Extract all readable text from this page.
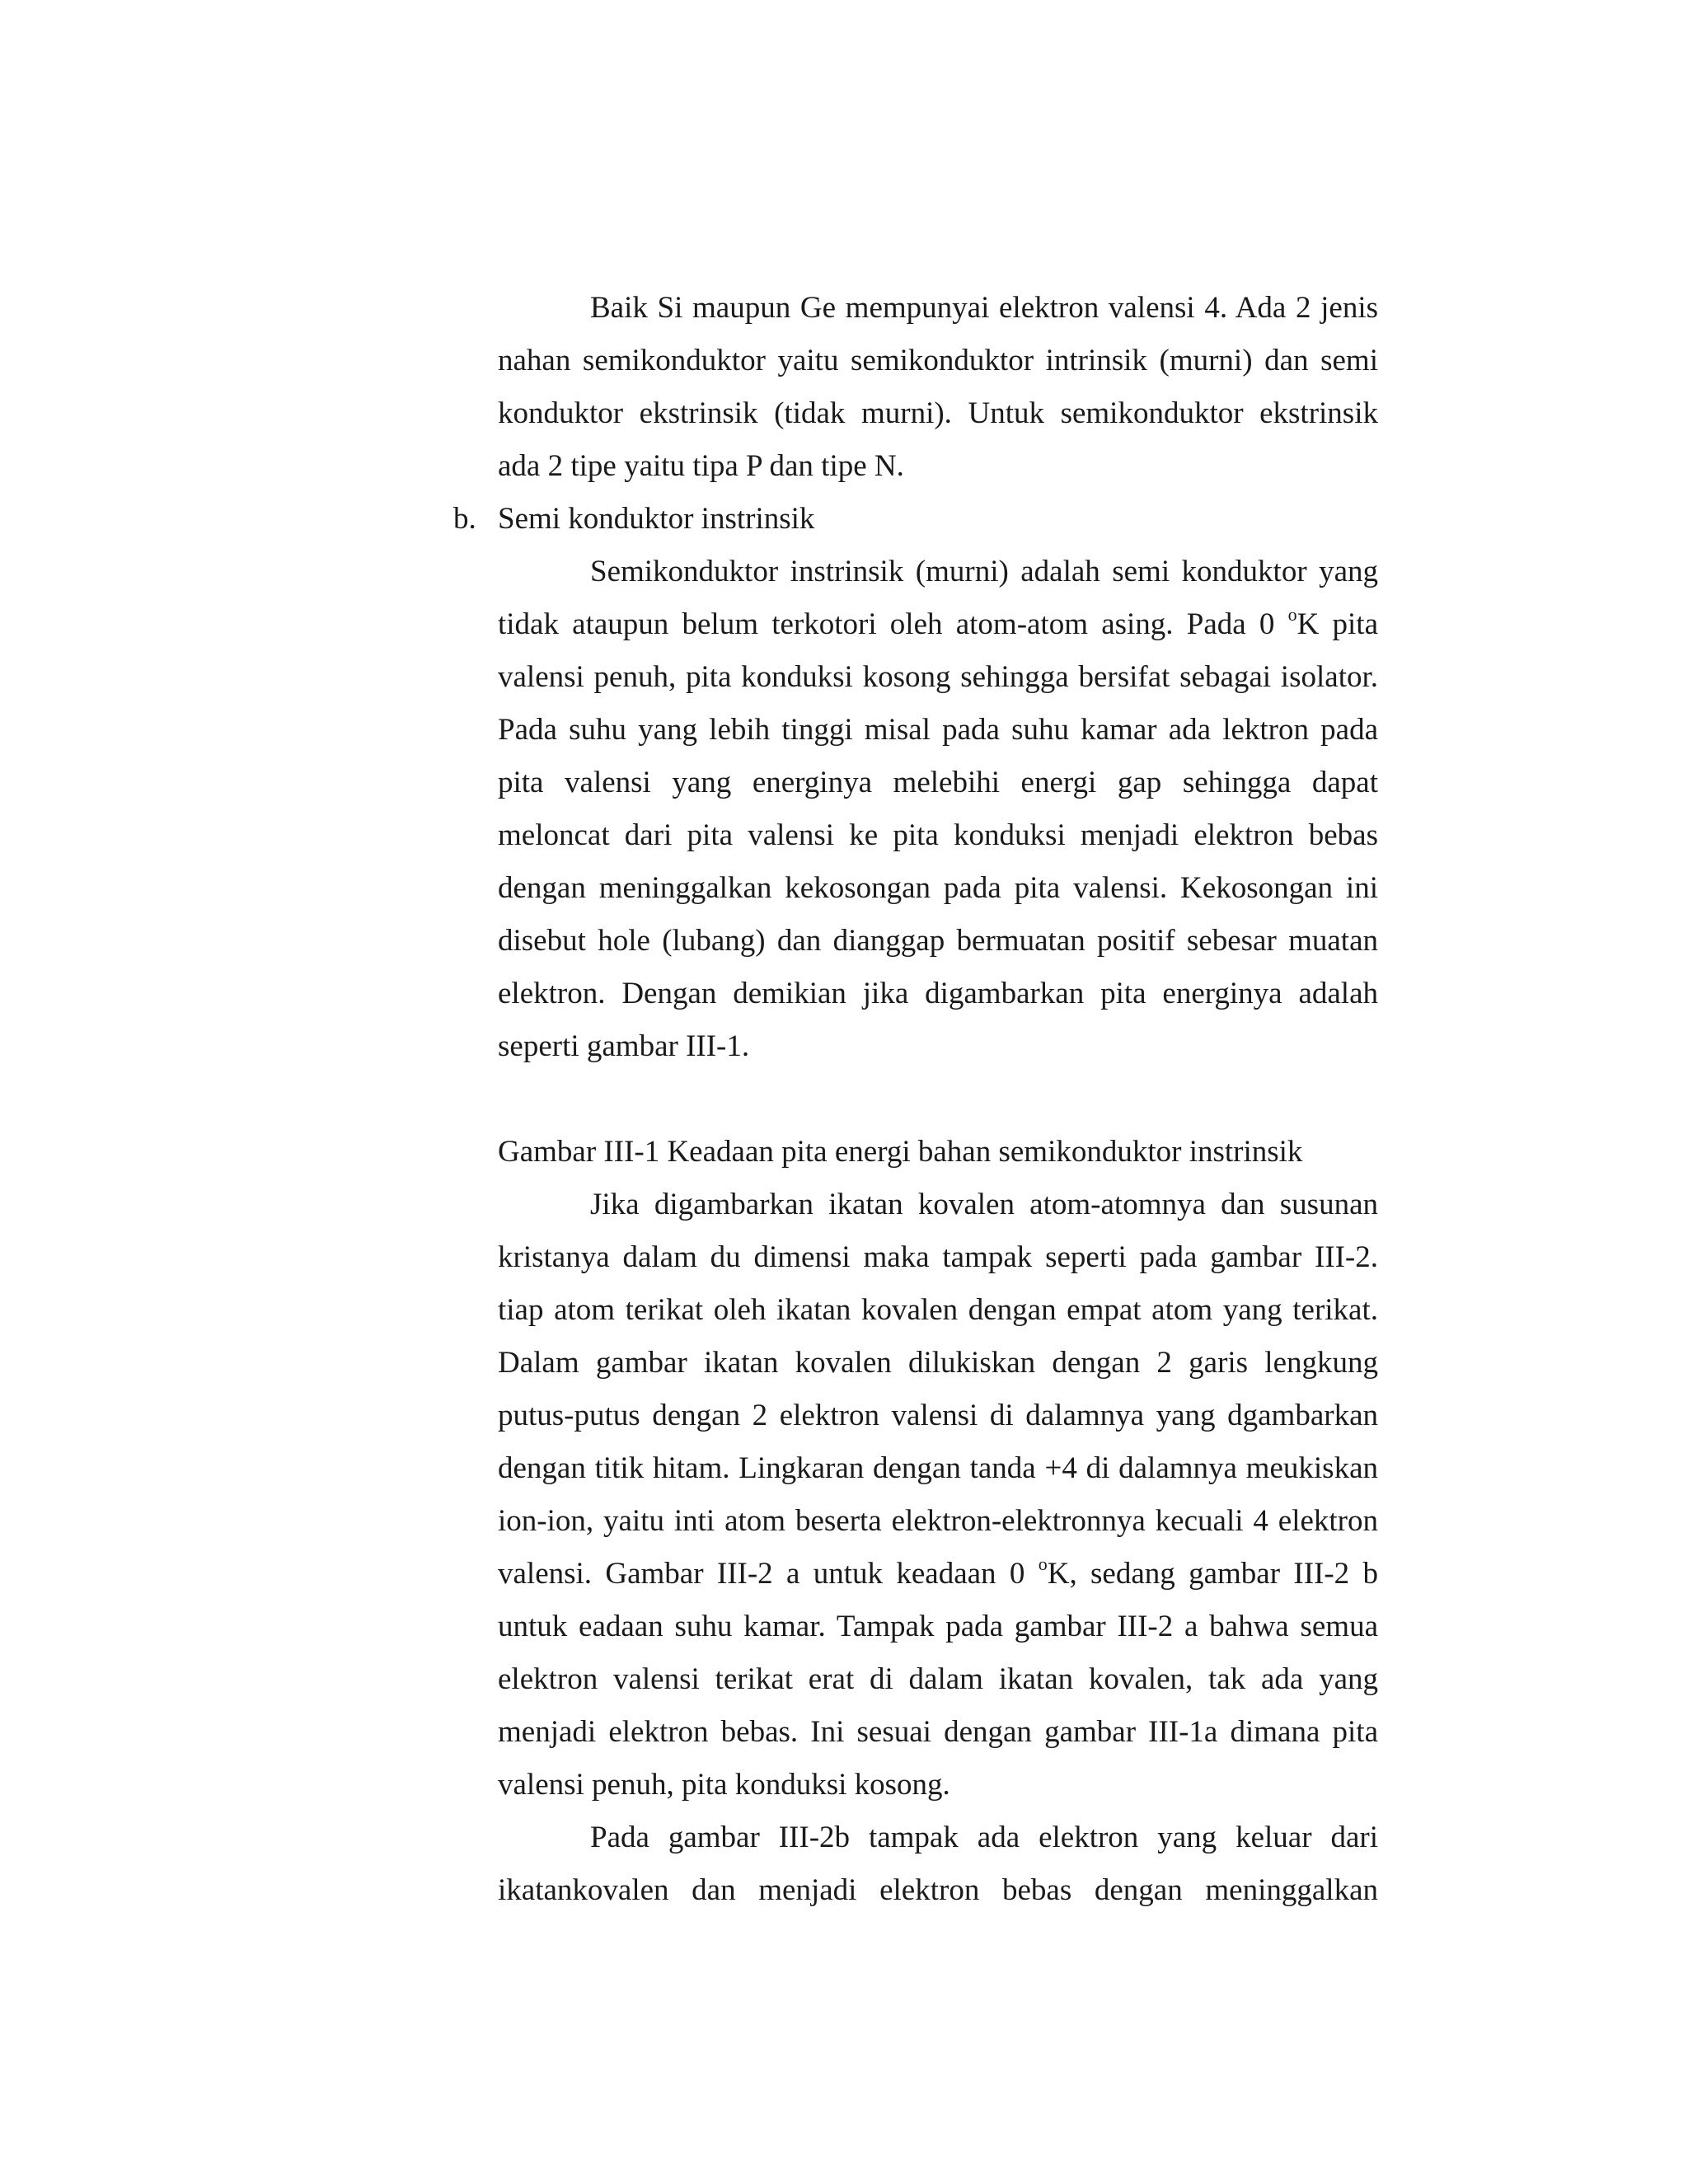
Baik Si maupun Ge mempunyai elektron valensi 4. Ada 2 jenis
nahan semikonduktor yaitu semikonduktor intrinsik (murni) dan semi
konduktor ekstrinsik (tidak murni). Untuk semikonduktor ekstrinsik
ada 2 tipe yaitu tipa P dan tipe N.
b. Semi konduktor instrinsik
Semikonduktor instrinsik (murni) adalah semi konduktor yang
tidak ataupun belum terkotori oleh atom-atom asing. Pada 0 $^o$K pita
valensi penuh, pita konduksi kosong sehingga bersifat sebagai isolator.
Pada suhu yang lebih tinggi misal pada suhu kamar ada lektron pada
pita valensi yang energinya melebihi energi gap sehingga dapat
meloncat dari pita valensi ke pita konduksi menjadi elektron bebas
dengan meninggalkan kekosongan pada pita valensi. Kekosongan ini
disebut hole (lubang) dan dianggap bermuatan positif sebesar muatan
elektron. Dengan demikian jika digambarkan pita energinya adalah
seperti gambar III-1.
Gambar III-1 Keadaan pita energi bahan semikonduktor instrinsik
Jika digambarkan ikatan kovalen atom-atomnya dan susunan
kristanya dalam du dimensi maka tampak seperti pada gambar III-2.
tiap atom terikat oleh ikatan kovalen dengan empat atom yang terikat.
Dalam gambar ikatan kovalen dilukiskan dengan 2 garis lengkung
putus-putus dengan 2 elektron valensi di dalamnya yang dgambarkan
dengan titik hitam. Lingkaran dengan tanda +4 di dalamnya meukiskan
ion-ion, yaitu inti atom beserta elektron-elektronnya kecuali 4 elektron
valensi. Gambar III-2 a untuk keadaan 0 $^o$K, sedang gambar III-2 b
untuk eadaan suhu kamar. Tampak pada gambar III-2 a bahwa semua
elektron valensi terikat erat di dalam ikatan kovalen, tak ada yang
menjadi elektron bebas. Ini sesuai dengan gambar III-1a dimana pita
valensi penuh, pita konduksi kosong.
Pada gambar III-2b tampak ada elektron yang keluar dari
ikatankovalen dan menjadi elektron bebas dengan meninggalkan
